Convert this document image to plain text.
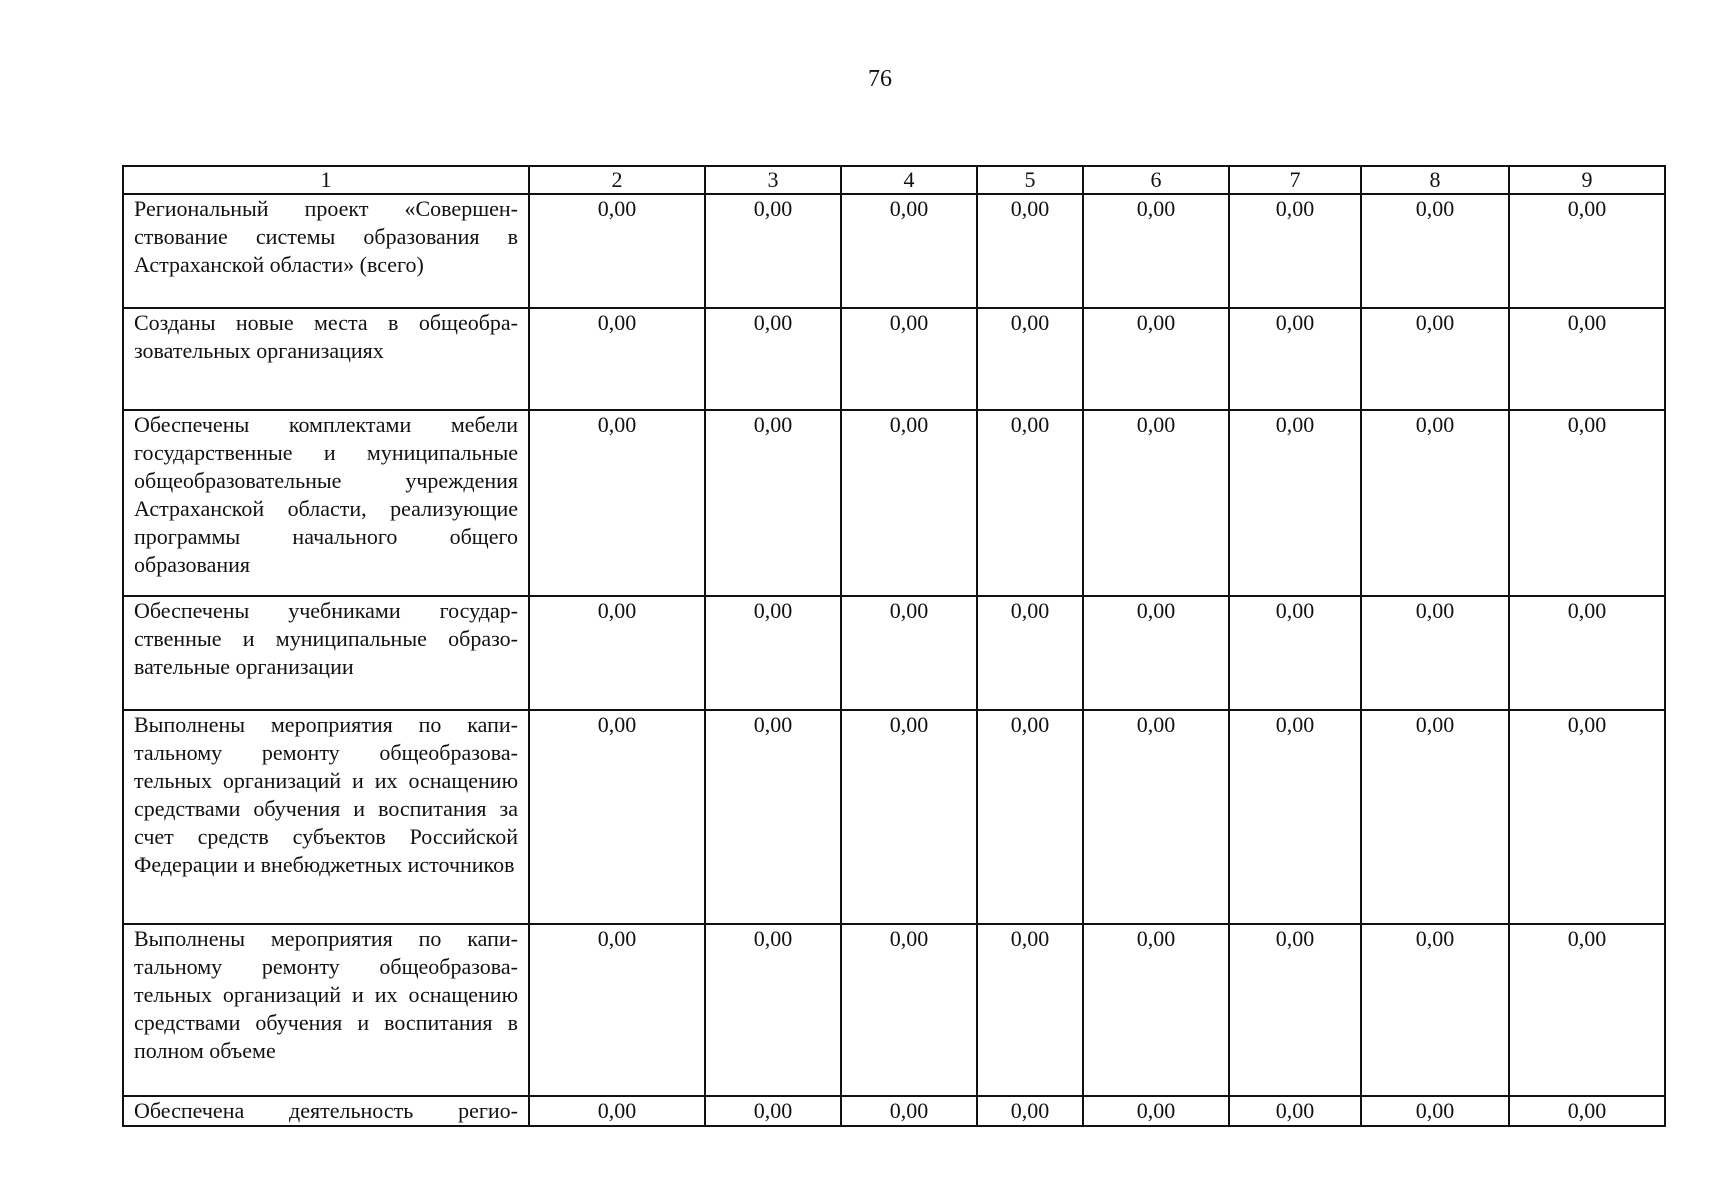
76
1	2	3	4	5	6	7	8	9
Региональный проект «Совершенствование системы образования в Астраханской области» (всего)	0,00	0,00	0,00	0,00	0,00	0,00	0,00	0,00
Созданы новые места в общеобразовательных организациях	0,00	0,00	0,00	0,00	0,00	0,00	0,00	0,00
Обеспечены комплектами мебели государственные и муниципальные общеобразовательные учреждения Астраханской области, реализующие программы начального общего образования	0,00	0,00	0,00	0,00	0,00	0,00	0,00	0,00
Обеспечены учебниками государственные и муниципальные образовательные организации	0,00	0,00	0,00	0,00	0,00	0,00	0,00	0,00
Выполнены мероприятия по капитальному ремонту общеобразовательных организаций и их оснащению средствами обучения и воспитания за счет средств субъектов Российской Федерации и внебюджетных источников	0,00	0,00	0,00	0,00	0,00	0,00	0,00	0,00
Выполнены мероприятия по капитальному ремонту общеобразовательных организаций и их оснащению средствами обучения и воспитания в полном объеме	0,00	0,00	0,00	0,00	0,00	0,00	0,00	0,00
Обеспечена деятельность регио-	0,00	0,00	0,00	0,00	0,00	0,00	0,00	0,00
